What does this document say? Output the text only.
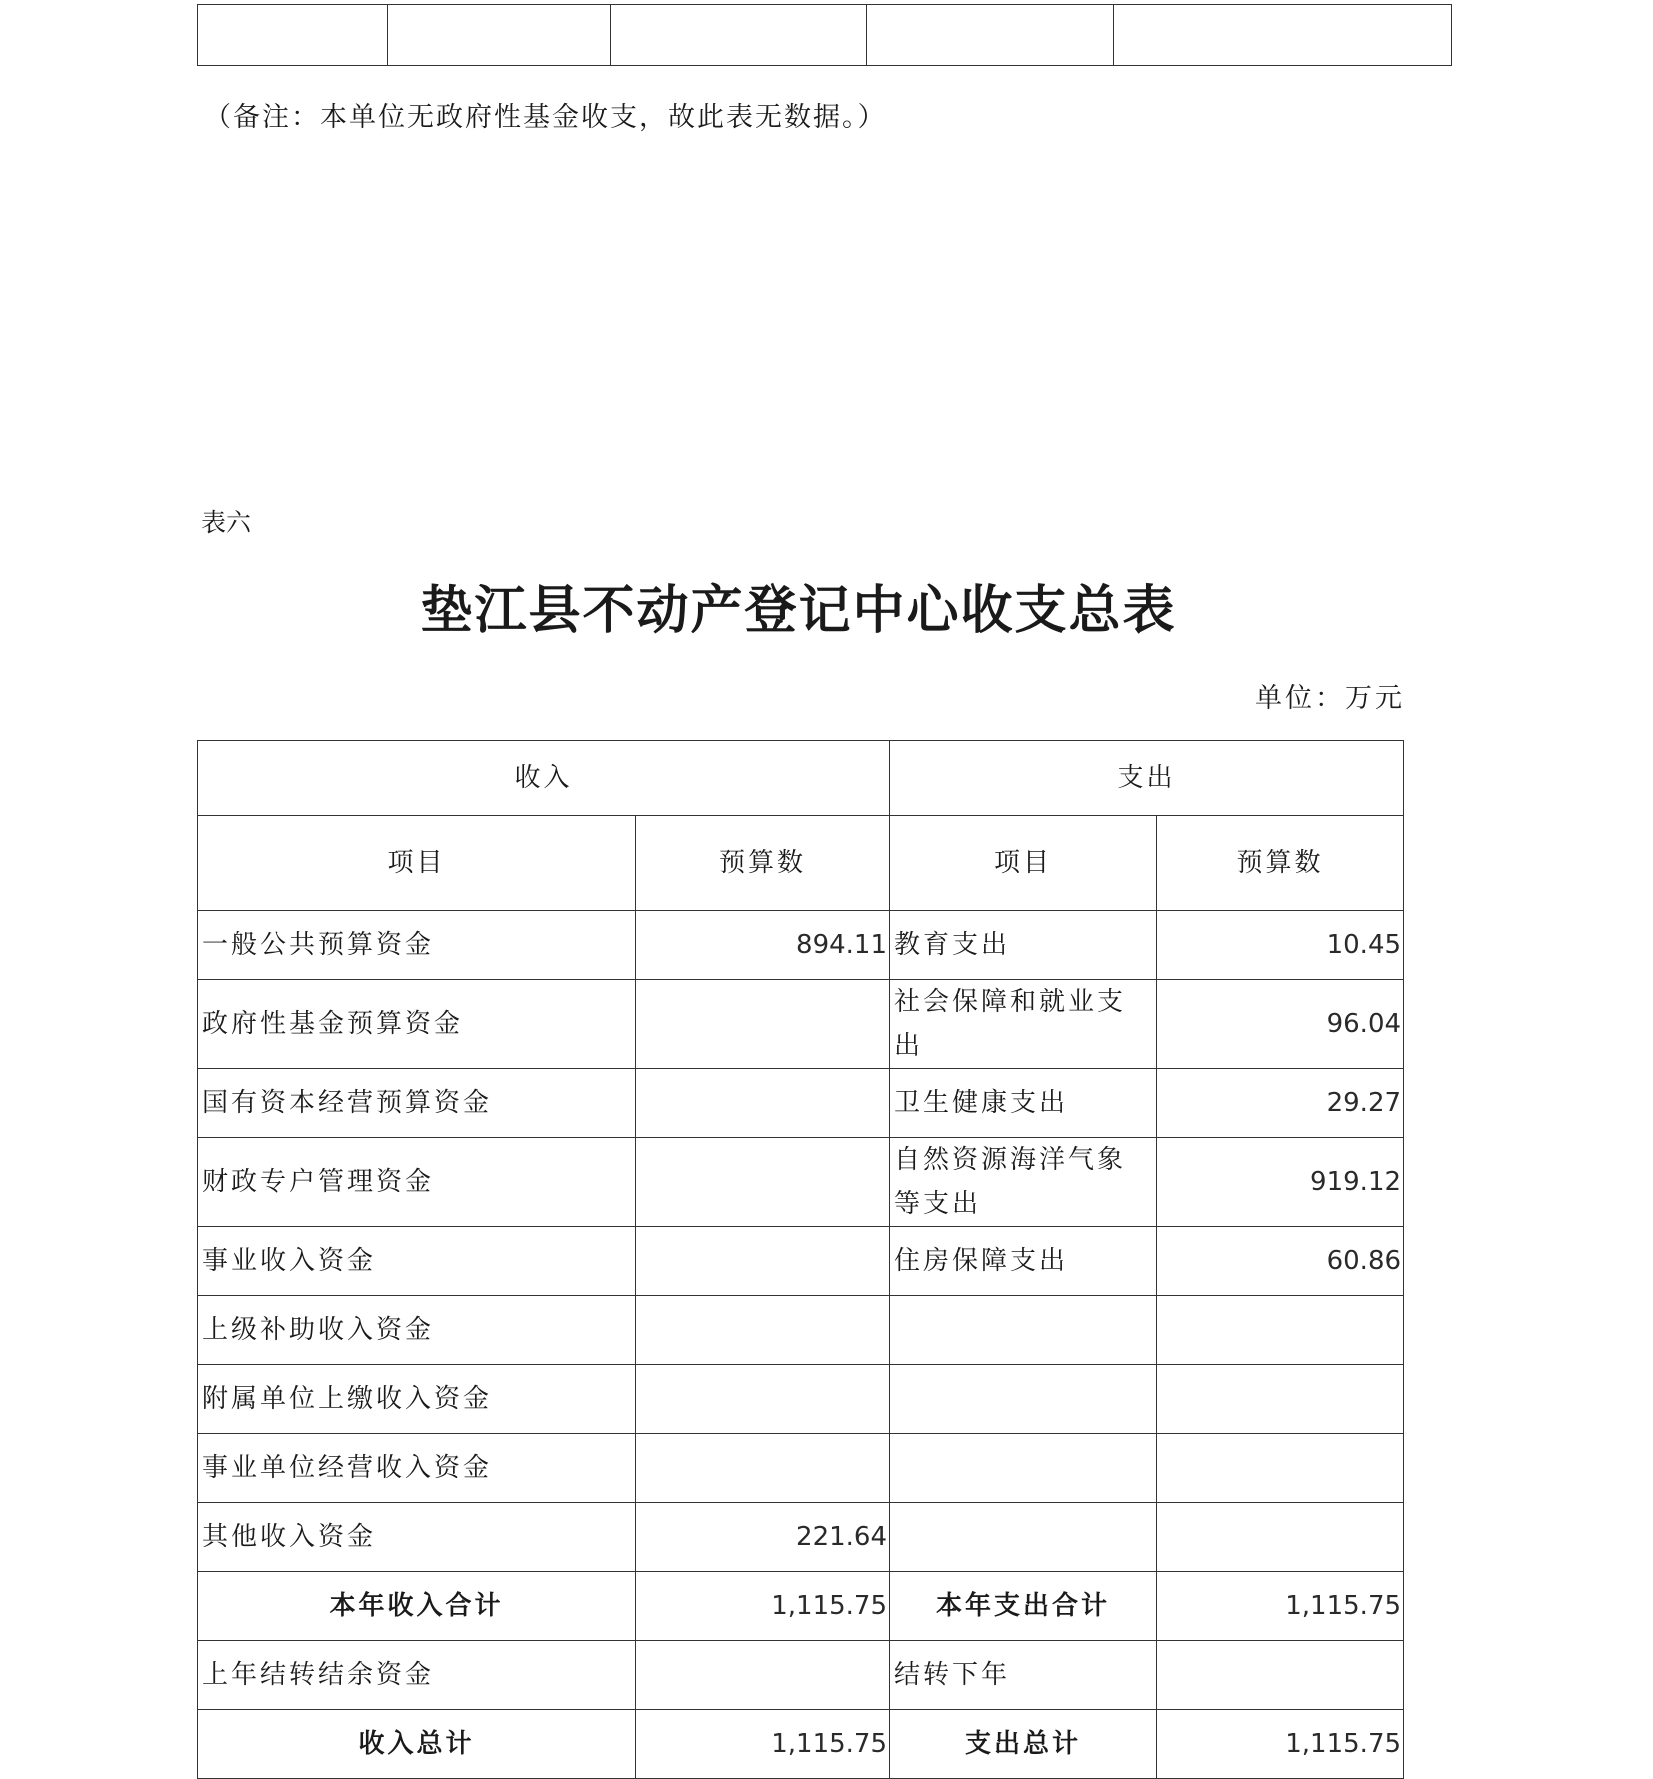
（备注：本单位无政府性基金收支，故此表无数据。）
表六
垫江县不动产登记中心收支总表
单位：万元
收入		支出	
项目	预算数	项目	预算数
一般公共预算资金	894.11	教育支出	10.45
政府性基金预算资金		社会保障和就业支出	96.04
国有资本经营预算资金		卫生健康支出	29.27
财政专户管理资金		自然资源海洋气象等支出	919.12
事业收入资金		住房保障支出	60.86
上级补助收入资金			
附属单位上缴收入资金			
事业单位经营收入资金			
其他收入资金	221.64		
本年收入合计	1,115.75	本年支出合计	1,115.75
上年结转结余资金		结转下年	
收入总计	1,115.75	支出总计	1,115.75
